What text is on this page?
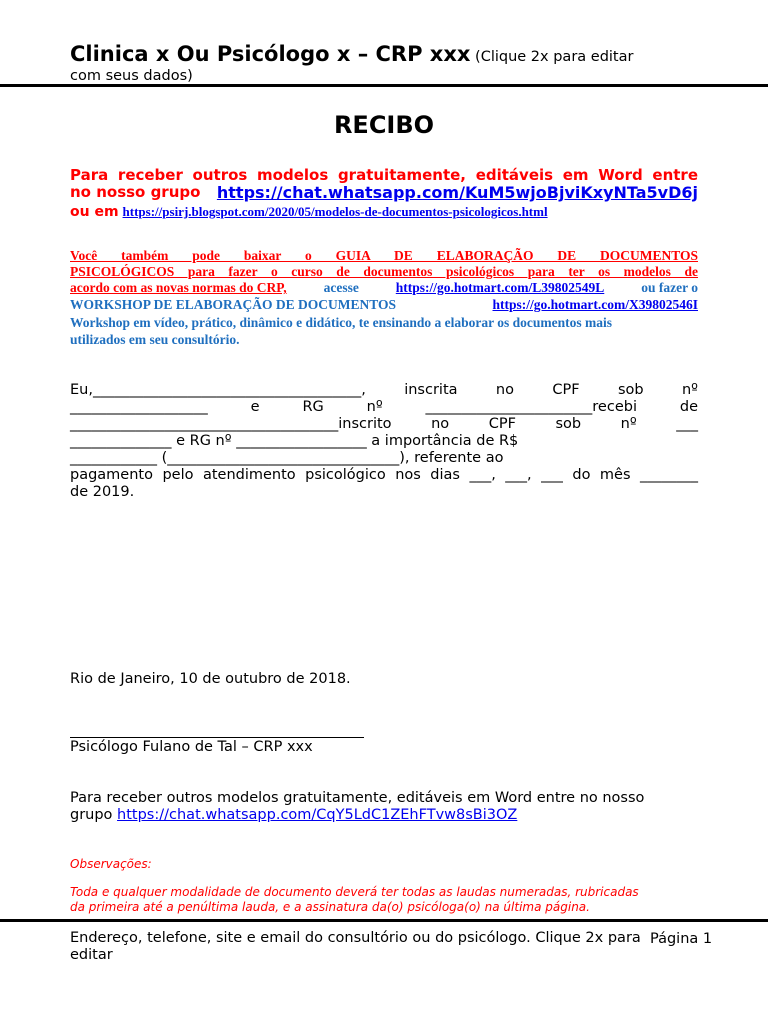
Clinica x Ou Psicólogo x – CRP xxx (Clique 2x para editar
com seus dados)
RECIBO
Para receber outros modelos gratuitamente, editáveis em Word entre
no nosso grupo https://chat.whatsapp.com/KuM5wjoBjviKxyNTa5vD6j
ou em https://psirj.blogspot.com/2020/05/modelos-de-documentos-psicologicos.html
Você também pode baixar o GUIA DE ELABORAÇÃO DE DOCUMENTOS
PSICOLÓGICOS para fazer o curso de documentos psicológicos para ter os modelos de
acordo com as novas normas do CRP,	acesse	https://go.hotmart.com/L39802549L	ou fazer o
WORKSHOP DE ELABORAÇÃO DE DOCUMENTOS	https://go.hotmart.com/X39802546I
Workshop em vídeo, prático, dinâmico e didático, te ensinando a elaborar os documentos mais
utilizados em seu consultório.
Eu,_____________________________________, inscrita no CPF sob nº
___________________ e RG nº _______________________recebi de
_____________________________________inscrito no CPF sob nº ___
______________ e RG nº __________________ a importância de R$
____________ (________________________________), referente ao
pagamento pelo atendimento psicológico nos dias ___, ___, ___ do mês ________
de 2019.
Rio de Janeiro, 10 de outubro de 2018.
Psicólogo Fulano de Tal – CRP xxx
Para receber outros modelos gratuitamente, editáveis em Word entre no nosso
grupo https://chat.whatsapp.com/CqY5LdC1ZEhFTvw8sBi3OZ
Observações:
Toda e qualquer modalidade de documento deverá ter todas as laudas numeradas, rubricadas
da primeira até a penúltima lauda, e a assinatura da(o) psicóloga(o) na última página.
Endereço, telefone, site e email do consultório ou do psicólogo. Clique 2x para
editar
Página 1
